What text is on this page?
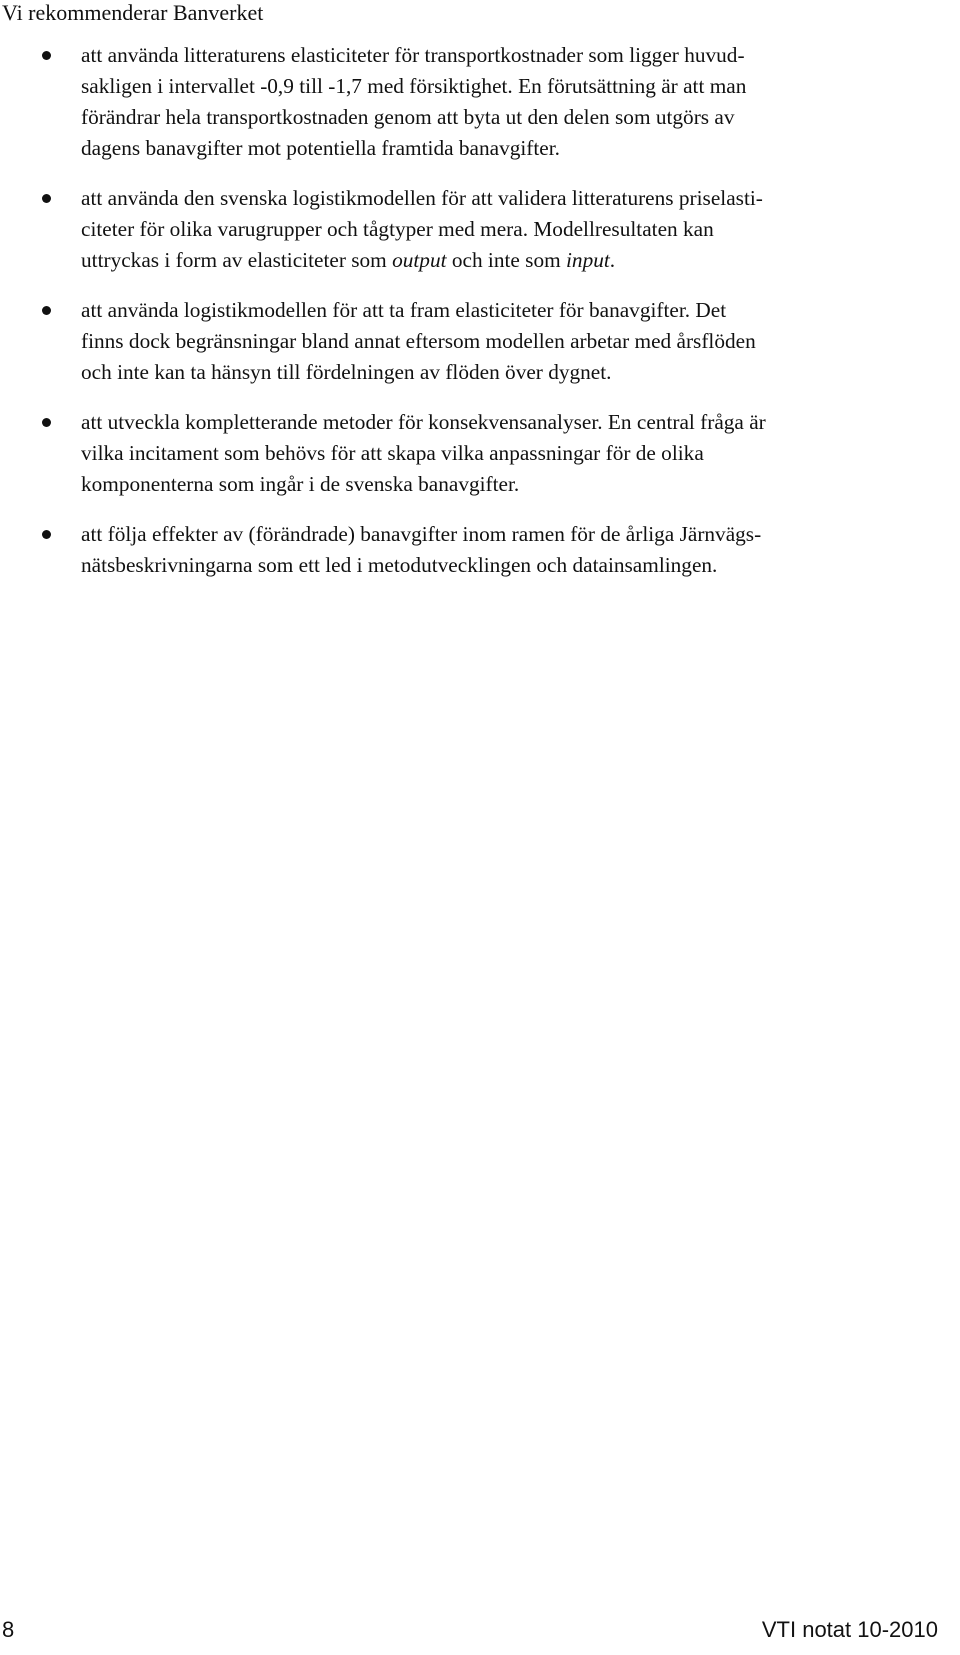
Vi rekommenderar Banverket
att använda litteraturens elasticiteter för transportkostnader som ligger huvud-
sakligen i intervallet -0,9 till -1,7 med försiktighet. En förutsättning är att man
förändrar hela transportkostnaden genom att byta ut den delen som utgörs av
dagens banavgifter mot potentiella framtida banavgifter.
att använda den svenska logistikmodellen för att validera litteraturens priselasti-
citeter för olika varugrupper och tågtyper med mera. Modellresultaten kan
uttryckas i form av elasticiteter som output och inte som input.
att använda logistikmodellen för att ta fram elasticiteter för banavgifter. Det
finns dock begränsningar bland annat eftersom modellen arbetar med årsflöden
och inte kan ta hänsyn till fördelningen av flöden över dygnet.
att utveckla kompletterande metoder för konsekvensanalyser. En central fråga är
vilka incitament som behövs för att skapa vilka anpassningar för de olika
komponenterna som ingår i de svenska banavgifter.
att följa effekter av (förändrade) banavgifter inom ramen för de årliga Järnvägs-
nätsbeskrivningarna som ett led i metodutvecklingen och datainsamlingen.
8	VTI notat 10-2010
